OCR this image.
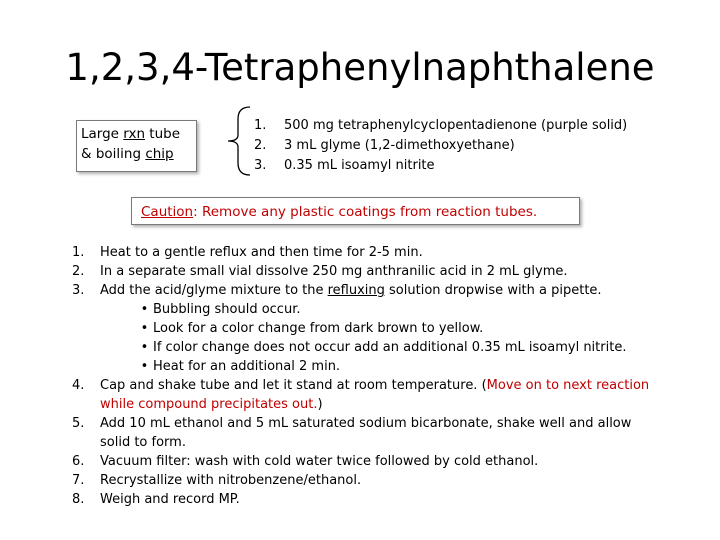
1,2,3,4-Tetraphenylnaphthalene
Large rxn tube
& boiling chip
1. 500 mg tetraphenylcyclopentadienone (purple solid)
2. 3 mL glyme (1,2-dimethoxyethane)
3. 0.35 mL isoamyl nitrite
Caution: Remove any plastic coatings from reaction tubes.
1. Heat to a gentle reflux and then time for 2-5 min.
2. In a separate small vial dissolve 250 mg anthranilic acid in 2 mL glyme.
3. Add the acid/glyme mixture to the refluxing solution dropwise with a pipette.
• Bubbling should occur.
• Look for a color change from dark brown to yellow.
• If color change does not occur add an additional 0.35 mL isoamyl nitrite.
• Heat for an additional 2 min.
4. Cap and shake tube and let it stand at room temperature. (Move on to next reaction
while compound precipitates out.)
5. Add 10 mL ethanol and 5 mL saturated sodium bicarbonate, shake well and allow
solid to form.
6. Vacuum filter: wash with cold water twice followed by cold ethanol.
7. Recrystallize with nitrobenzene/ethanol.
8. Weigh and record MP.
